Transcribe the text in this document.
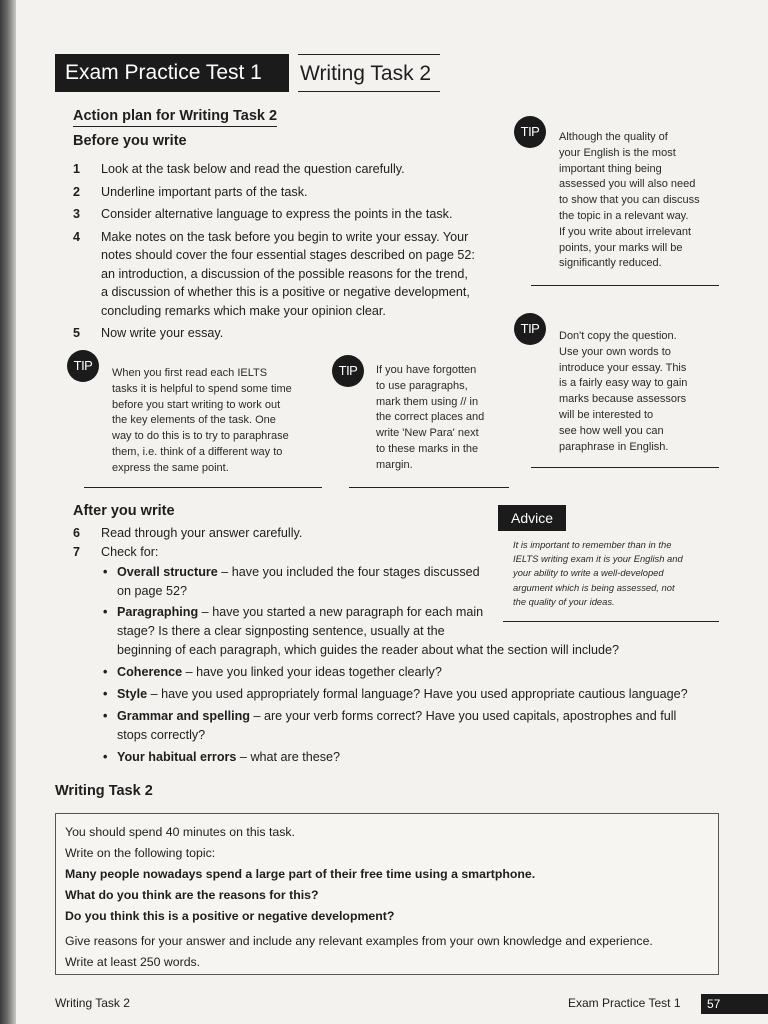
Exam Practice Test 1	Writing Task 2
Action plan for Writing Task 2
Before you write
1 Look at the task below and read the question carefully.
2 Underline important parts of the task.
3 Consider alternative language to express the points in the task.
4 Make notes on the task before you begin to write your essay. Your
notes should cover the four essential stages described on page 52:
an introduction, a discussion of the possible reasons for the trend,
a discussion of whether this is a positive or negative development,
concluding remarks which make your opinion clear.
5 Now write your essay.
TIP	Although the quality of
your English is the most
important thing being
assessed you will also need
to show that you can discuss
the topic in a relevant way.
If you write about irrelevant
points, your marks will be
significantly reduced.
TIP	Don't copy the question.
Use your own words to
introduce your essay. This
is a fairly easy way to gain
marks because assessors
will be interested to
see how well you can
paraphrase in English.
TIP	When you first read each IELTS
tasks it is helpful to spend some time
before you start writing to work out
the key elements of the task. One
way to do this is to try to paraphrase
them, i.e. think of a different way to
express the same point.
TIP	If you have forgotten
to use paragraphs,
mark them using // in
the correct places and
write 'New Para' next
to these marks in the
margin.
Advice
It is important to remember than in the
IELTS writing exam it is your English and
your ability to write a well-developed
argument which is being assessed, not
the quality of your ideas.
After you write
6 Read through your answer carefully.
7 Check for:
• Overall structure – have you included the four stages discussed
on page 52?
• Paragraphing – have you started a new paragraph for each main
stage? Is there a clear signposting sentence, usually at the
beginning of each paragraph, which guides the reader about what the section will include?
• Coherence – have you linked your ideas together clearly?
• Style – have you used appropriately formal language? Have you used appropriate cautious language?
• Grammar and spelling – are your verb forms correct? Have you used capitals, apostrophes and full
stops correctly?
• Your habitual errors – what are these?
Writing Task 2
You should spend 40 minutes on this task.
Write on the following topic:
Many people nowadays spend a large part of their free time using a smartphone.
What do you think are the reasons for this?
Do you think this is a positive or negative development?
Give reasons for your answer and include any relevant examples from your own knowledge and experience.
Write at least 250 words.
Writing Task 2	Exam Practice Test 1	57
